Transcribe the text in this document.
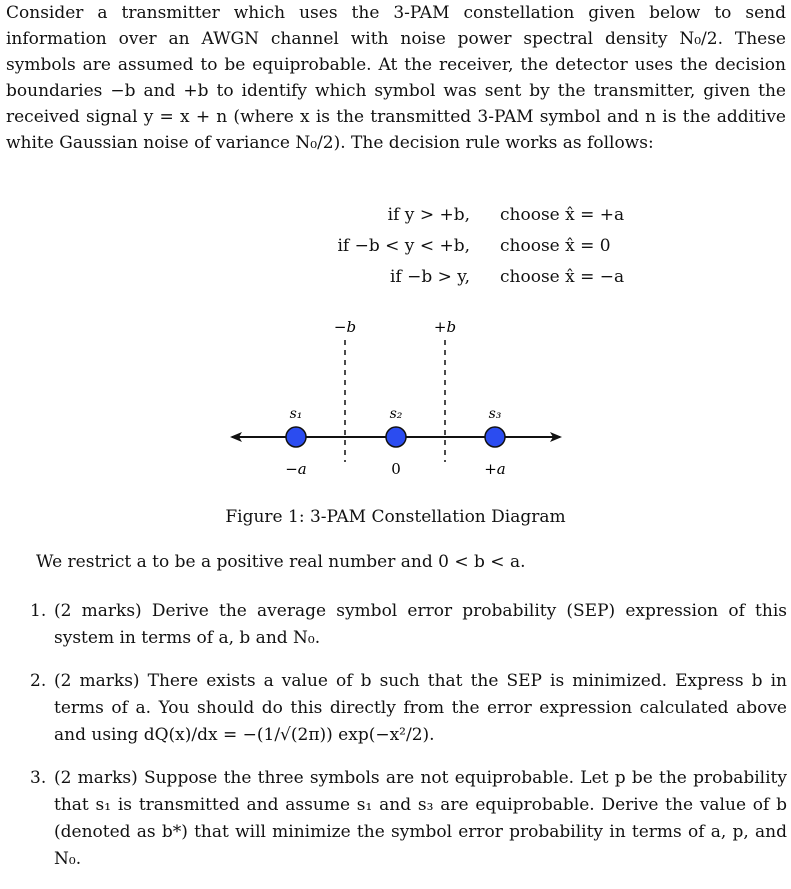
Consider a transmitter which uses the 3-PAM constellation given below to send information over an AWGN channel with noise power spectral density N₀/2. These symbols are assumed to be equiprobable. At the receiver, the detector uses the decision boundaries −b and +b to identify which symbol was sent by the transmitter, given the received signal y = x + n (where x is the transmitted 3-PAM symbol and n is the additive white Gaussian noise of variance N₀/2). The decision rule works as follows:

if y > +b, choose x̂ = +a
if −b < y < +b, choose x̂ = 0
if −b > y, choose x̂ = −a
−b	+b
s₁	s₂	s₃
−a	0	+a
Figure 1: 3-PAM Constellation Diagram
We restrict a to be a positive real number and 0 < b < a.
1. (2 marks) Derive the average symbol error probability (SEP) expression of this system in terms of a, b and N₀.
2. (2 marks) There exists a value of b such that the SEP is minimized. Express b in terms of a. You should do this directly from the error expression calculated above and using dQ(x)/dx = −(1/√(2π)) exp(−x²/2).
3. (2 marks) Suppose the three symbols are not equiprobable. Let p be the probability that s₁ is transmitted and assume s₁ and s₃ are equiprobable. Derive the value of b (denoted as b*) that will minimize the symbol error probability in terms of a, p, and N₀.
